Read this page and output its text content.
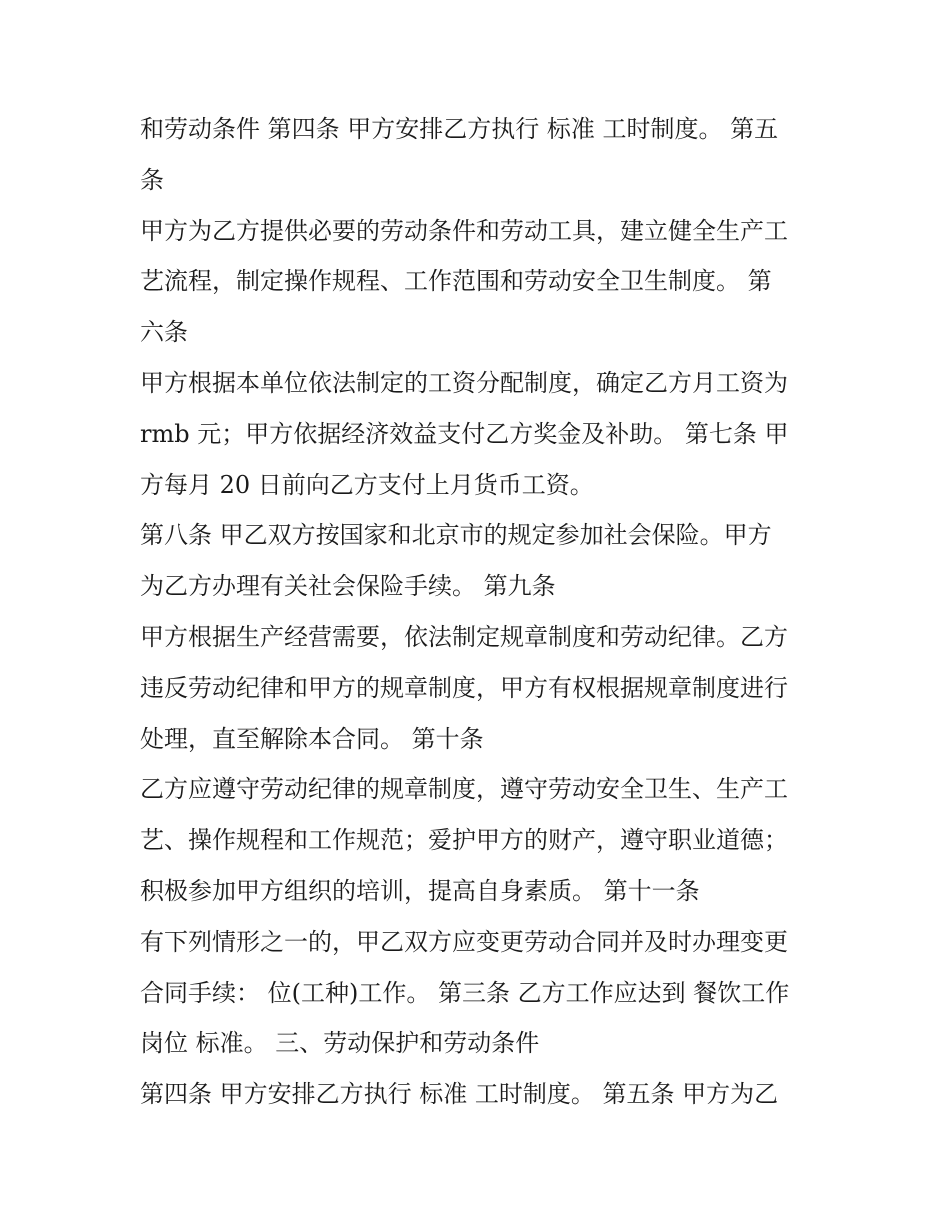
和劳动条件 第四条 甲方安排乙方执行 标准 工时制度。 第五

条

甲方为乙方提供必要的劳动条件和劳动工具，建立健全生产工

艺流程，制定操作规程、工作范围和劳动安全卫生制度。 第

六条

甲方根据本单位依法制定的工资分配制度，确定乙方月工资为

rmb 元；甲方依据经济效益支付乙方奖金及补助。 第七条 甲

方每月 20 日前向乙方支付上月货币工资。

第八条 甲乙双方按国家和北京市的规定参加社会保险。甲方

为乙方办理有关社会保险手续。 第九条

甲方根据生产经营需要，依法制定规章制度和劳动纪律。乙方

违反劳动纪律和甲方的规章制度，甲方有权根据规章制度进行

处理，直至解除本合同。 第十条

乙方应遵守劳动纪律的规章制度，遵守劳动安全卫生、生产工

艺、操作规程和工作规范；爱护甲方的财产，遵守职业道德；

积极参加甲方组织的培训，提高自身素质。 第十一条

有下列情形之一的，甲乙双方应变更劳动合同并及时办理变更

合同手续： 位(工种)工作。 第三条 乙方工作应达到 餐饮工作

岗位 标准。 三、劳动保护和劳动条件

第四条 甲方安排乙方执行 标准 工时制度。 第五条 甲方为乙
